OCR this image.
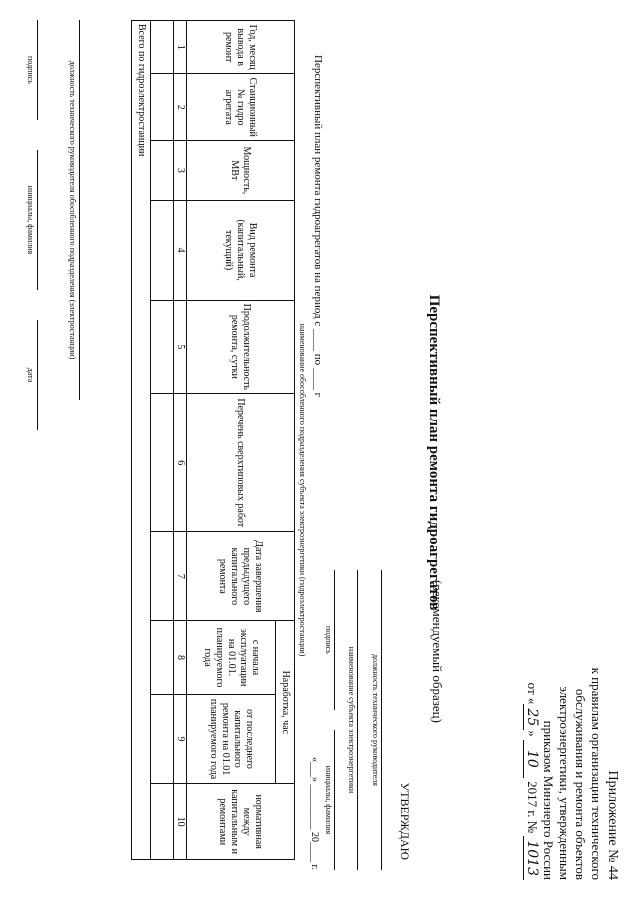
Приложение № 44
к правилам организации технического
обслуживания и ремонта объектов
электроэнергетики, утвержденным
приказом Минэнерго России
от «25» 10 2017 г. № 1013
(рекомендуемый образец)
УТВЕРЖДАЮ
должность технического руководителя
наименование субъекта электроэнергетики
подпись
инициалы, фамилия
«___» _________ 20____ г.
Перспективный план ремонта гидроагрегатов
Перспективный план ремонта гидроагрегатов на период с ____ по ____ г
наименование обособленного подразделения субъекта электроэнергетики (гидроэлектростанции)
Год, месяц вывода в ремонт	Станционный № гидро агрегата	Мощность, МВт	Вид ремонта (капитальный, текущий)	Продолжительность ремонта, сутки	Перечень сверхтиповых работ	Дата завершения предыдущего капитального ремонта	Наработка, час		нормативная между капитальным и ремонтами
							с начала эксплуатации на 01.01. планируемого года	от последнего капитального ремонта на 01.01 планируемого года	
1	2	3	4	5	6	7	8	9	10

Всего по гидроэлектростанции									
должность технического руководителя обособленного подразделения (электростанции)
подпись
инициалы, фамилия
дата
